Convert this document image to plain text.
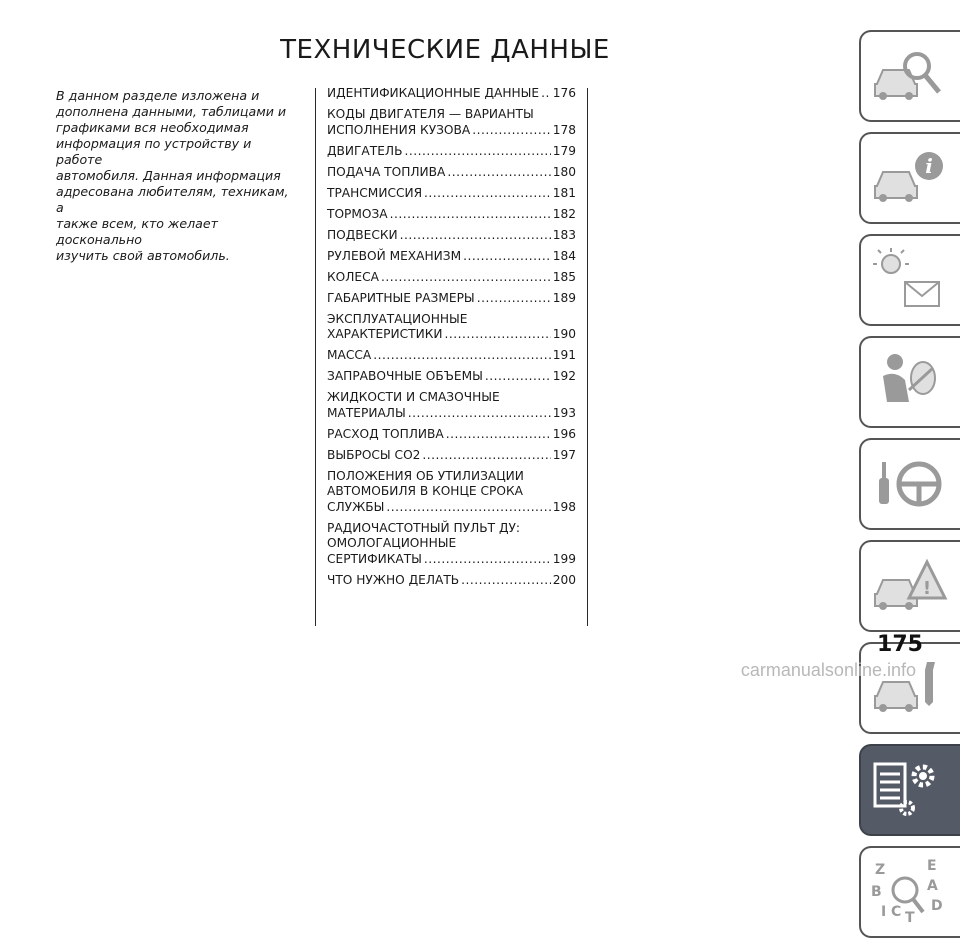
ТЕХНИЧЕСКИЕ ДАННЫЕ
В данном разделе изложена и
дополнена данными, таблицами и
графиками вся необходимая
информация по устройству и работе
автомобиля. Данная информация
адресована любителям, техникам, а
также всем, кто желает досконально
изучить свой автомобиль.
ИДЕНТИФИКАЦИОННЫЕ ДАННЫЕ ..... 176
КОДЫ ДВИГАТЕЛЯ — ВАРИАНТЫ
ИСПОЛНЕНИЯ КУЗОВА .....	178
ДВИГАТЕЛЬ .....	179
ПОДАЧА ТОПЛИВА .....	180
ТРАНСМИССИЯ .....	181
ТОРМОЗА .....	182
ПОДВЕСКИ .....	183
РУЛЕВОЙ МЕХАНИЗМ .....	184
КОЛЕСА .....	185
ГАБАРИТНЫЕ РАЗМЕРЫ .....	189
ЭКСПЛУАТАЦИОННЫЕ
ХАРАКТЕРИСТИКИ .....	190
МАССА .....	191
ЗАПРАВОЧНЫЕ ОБЪЕМЫ .....	192
ЖИДКОСТИ И СМАЗОЧНЫЕ
МАТЕРИАЛЫ .....	193
РАСХОД ТОПЛИВА .....	196
ВЫБРОСЫ CO2 .....	197
ПОЛОЖЕНИЯ ОБ УТИЛИЗАЦИИ
АВТОМОБИЛЯ В КОНЦЕ СРОКА
СЛУЖБЫ .....	198
РАДИОЧАСТОТНЫЙ ПУЛЬТ ДУ:
ОМОЛОГАЦИОННЫЕ
СЕРТИФИКАТЫ .....	199
ЧТО НУЖНО ДЕЛАТЬ .....	200
i
!
Z	E
B	A
C D
T
I
175
carmanualsonline.info
